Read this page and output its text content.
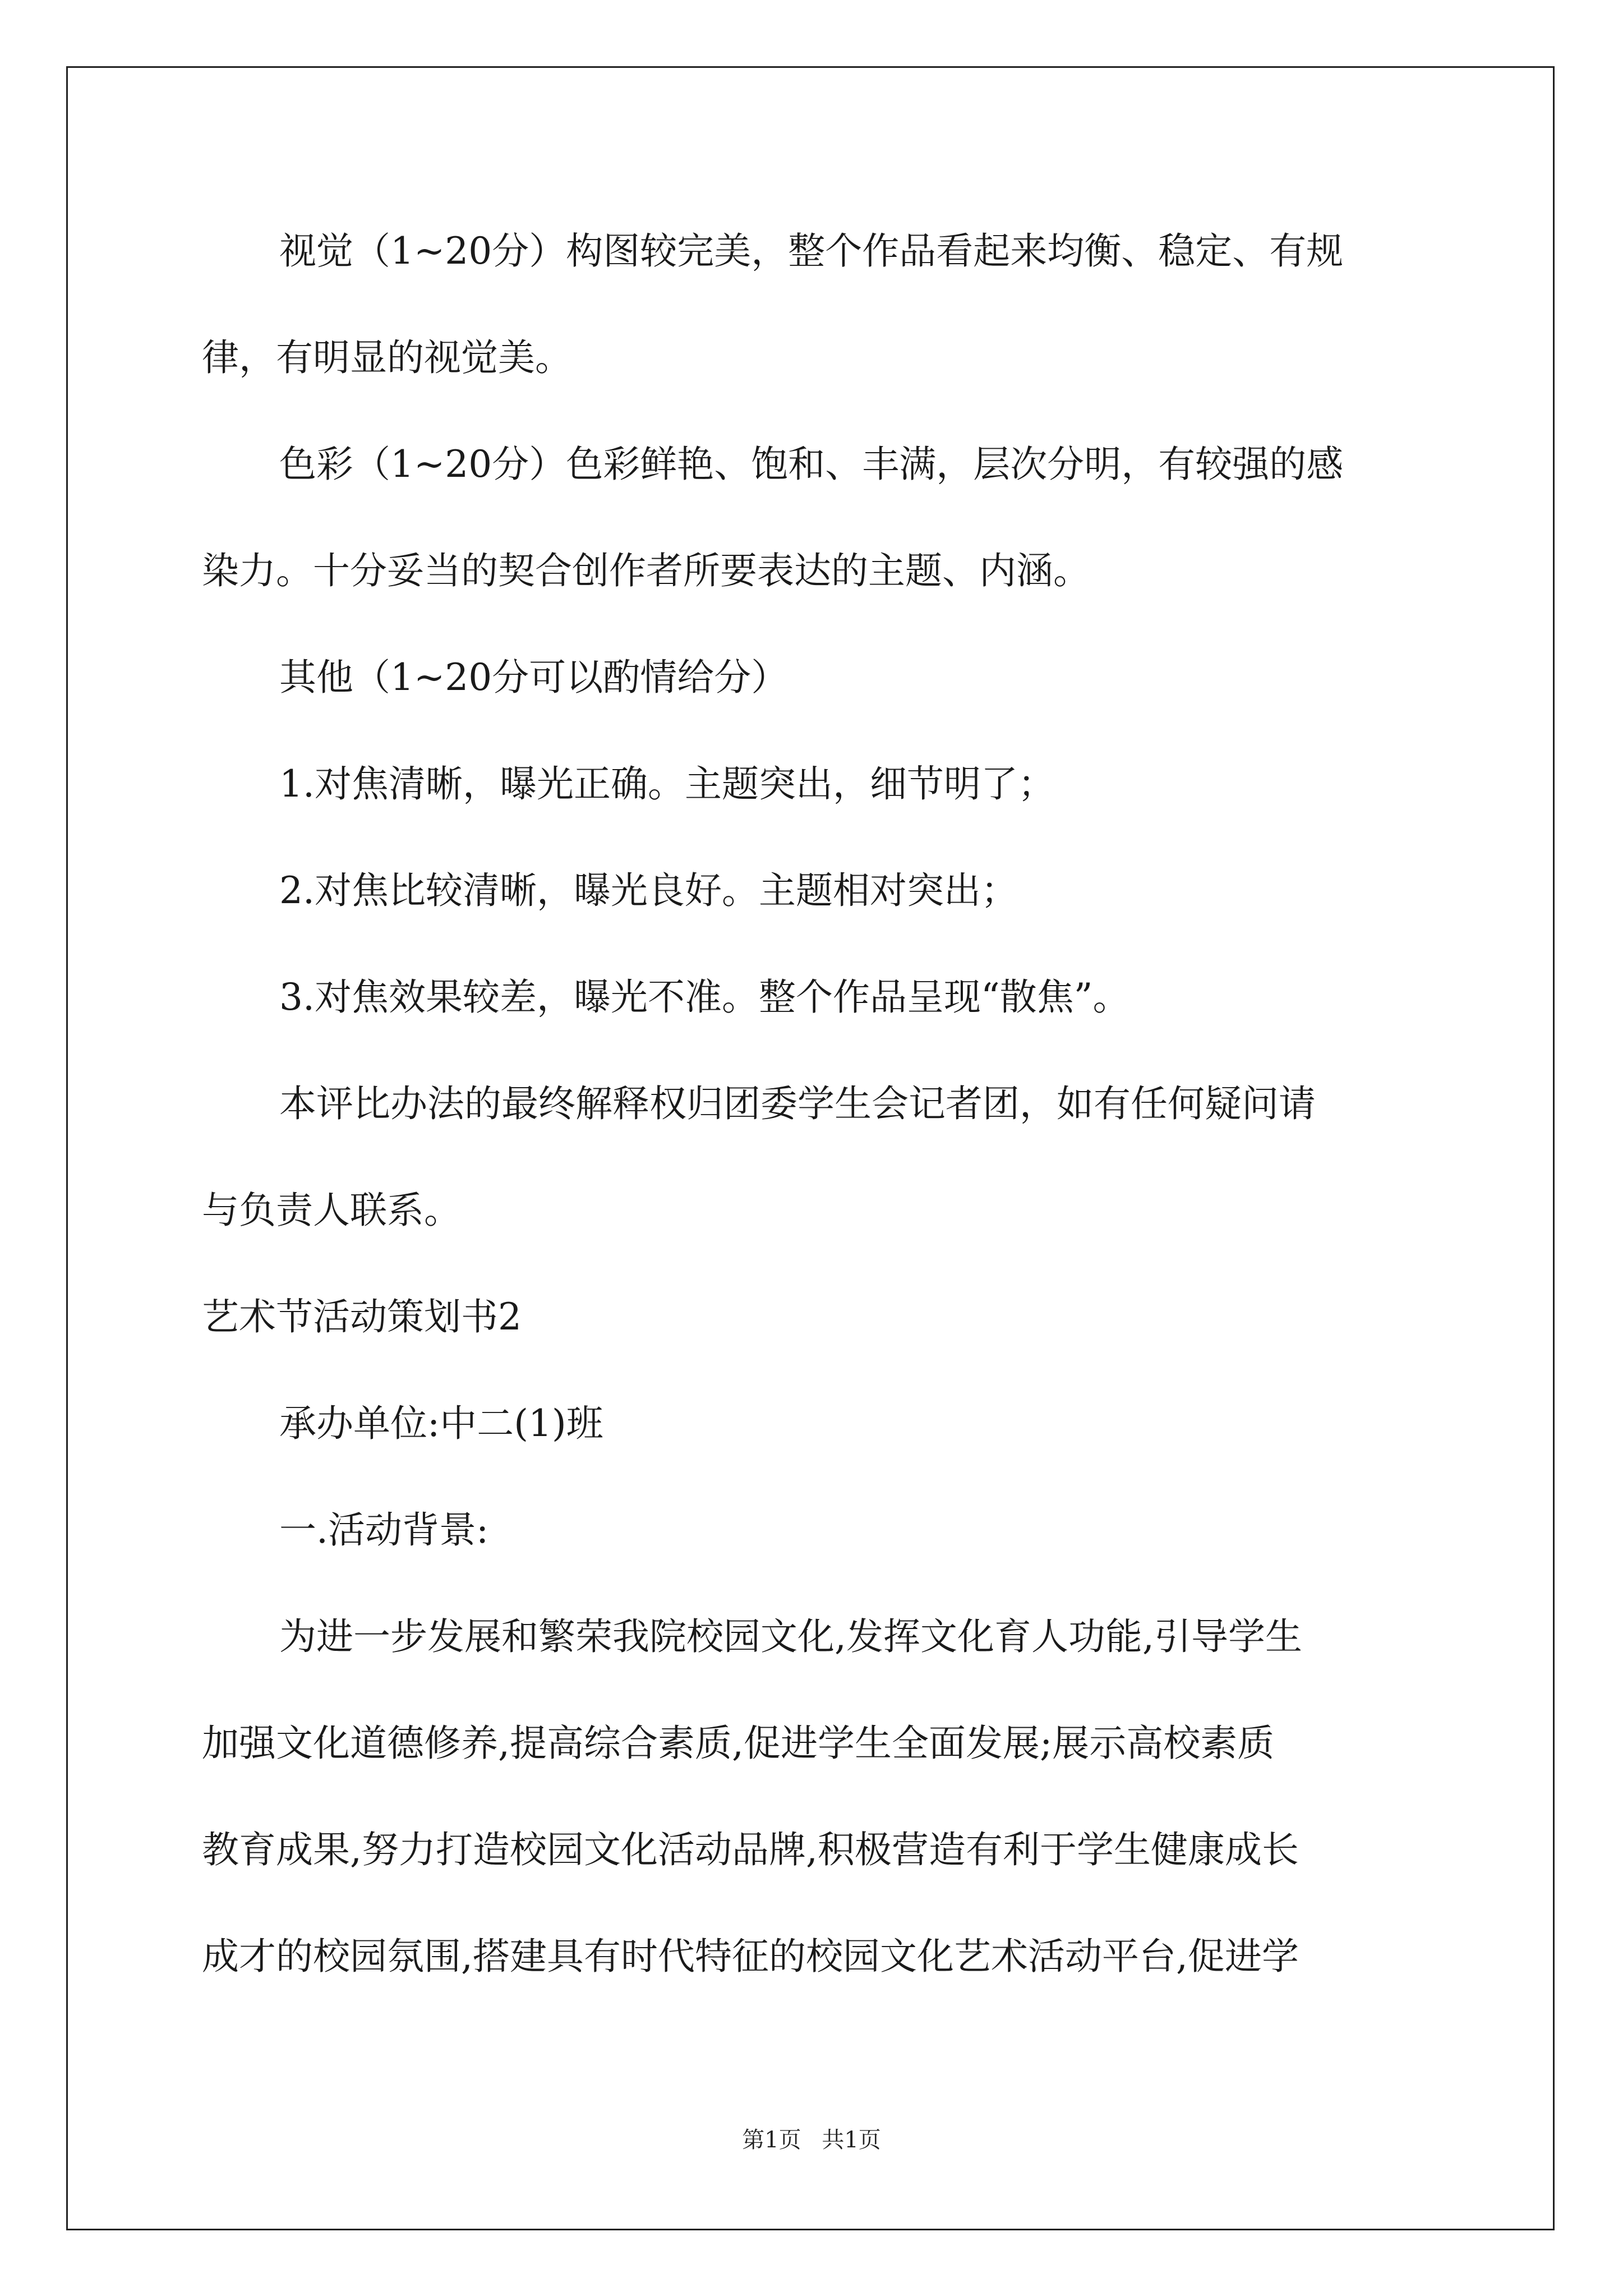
视觉（1~20分）构图较完美，整个作品看起来均衡、稳定、有规
律，有明显的视觉美。
色彩（1~20分）色彩鲜艳、饱和、丰满，层次分明，有较强的感
染力。十分妥当的契合创作者所要表达的主题、内涵。
其他（1~20分可以酌情给分）
1.对焦清晰，曝光正确。主题突出，细节明了；
2.对焦比较清晰，曝光良好。主题相对突出；
3.对焦效果较差，曝光不准。整个作品呈现“散焦”。
本评比办法的最终解释权归团委学生会记者团，如有任何疑问请
与负责人联系。
艺术节活动策划书2
承办单位:中二(1)班
一.活动背景:
为进一步发展和繁荣我院校园文化,发挥文化育人功能,引导学生
加强文化道德修养,提高综合素质,促进学生全面发展;展示高校素质
教育成果,努力打造校园文化活动品牌,积极营造有利于学生健康成长
成才的校园氛围,搭建具有时代特征的校园文化艺术活动平台,促进学
第1页 共1页
